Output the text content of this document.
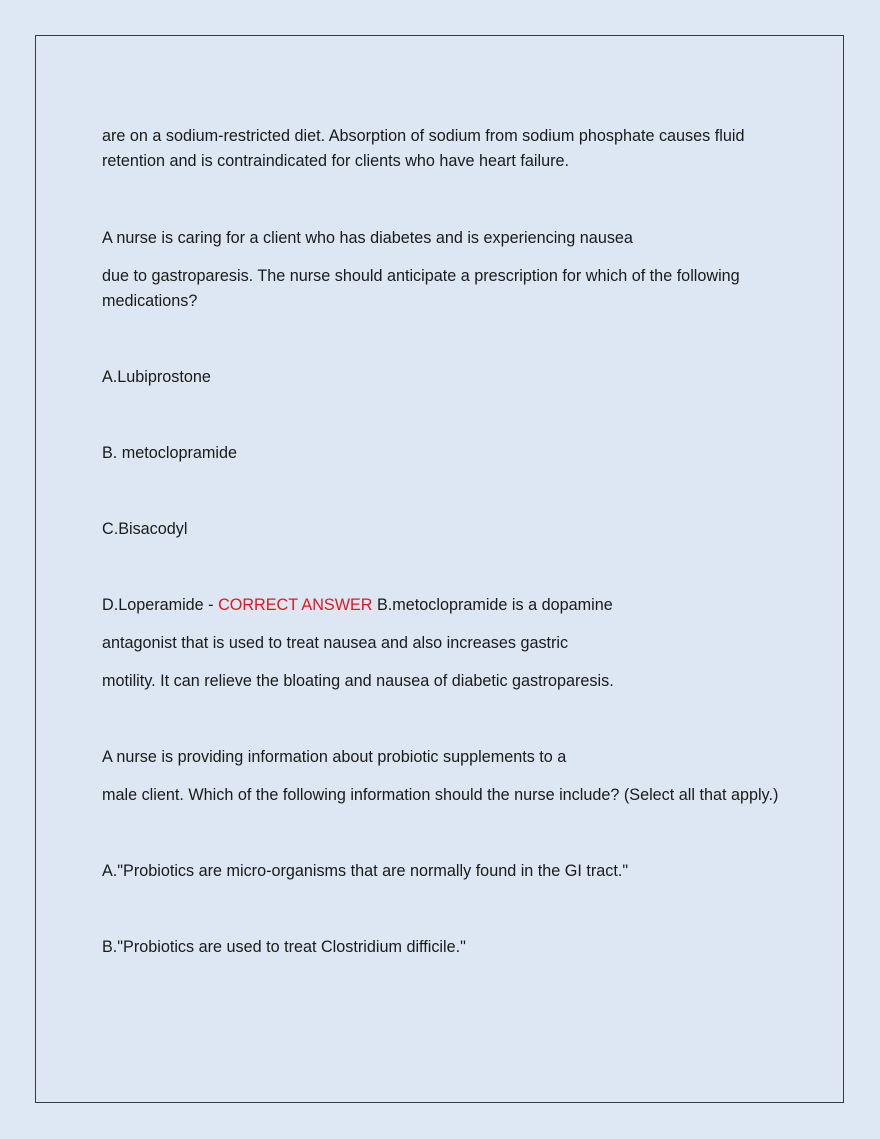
are on a sodium-restricted diet. Absorption of sodium from sodium phosphate causes fluid retention and is contraindicated for clients who have heart failure.

A nurse is caring for a client who has diabetes and is experiencing nausea

due to gastroparesis. The nurse should anticipate a prescription for which of the following medications?

A.Lubiprostone

B. metoclopramide

C.Bisacodyl

D.Loperamide - CORRECT ANSWER B.metoclopramide is a dopamine

antagonist that is used to treat nausea and also increases gastric

motility. It can relieve the bloating and nausea of diabetic gastroparesis.

A nurse is providing information about probiotic supplements to a

male client. Which of the following information should the nurse include? (Select all that apply.)

A."Probiotics are micro-organisms that are normally found in the GI tract."

B."Probiotics are used to treat Clostridium difficile."
